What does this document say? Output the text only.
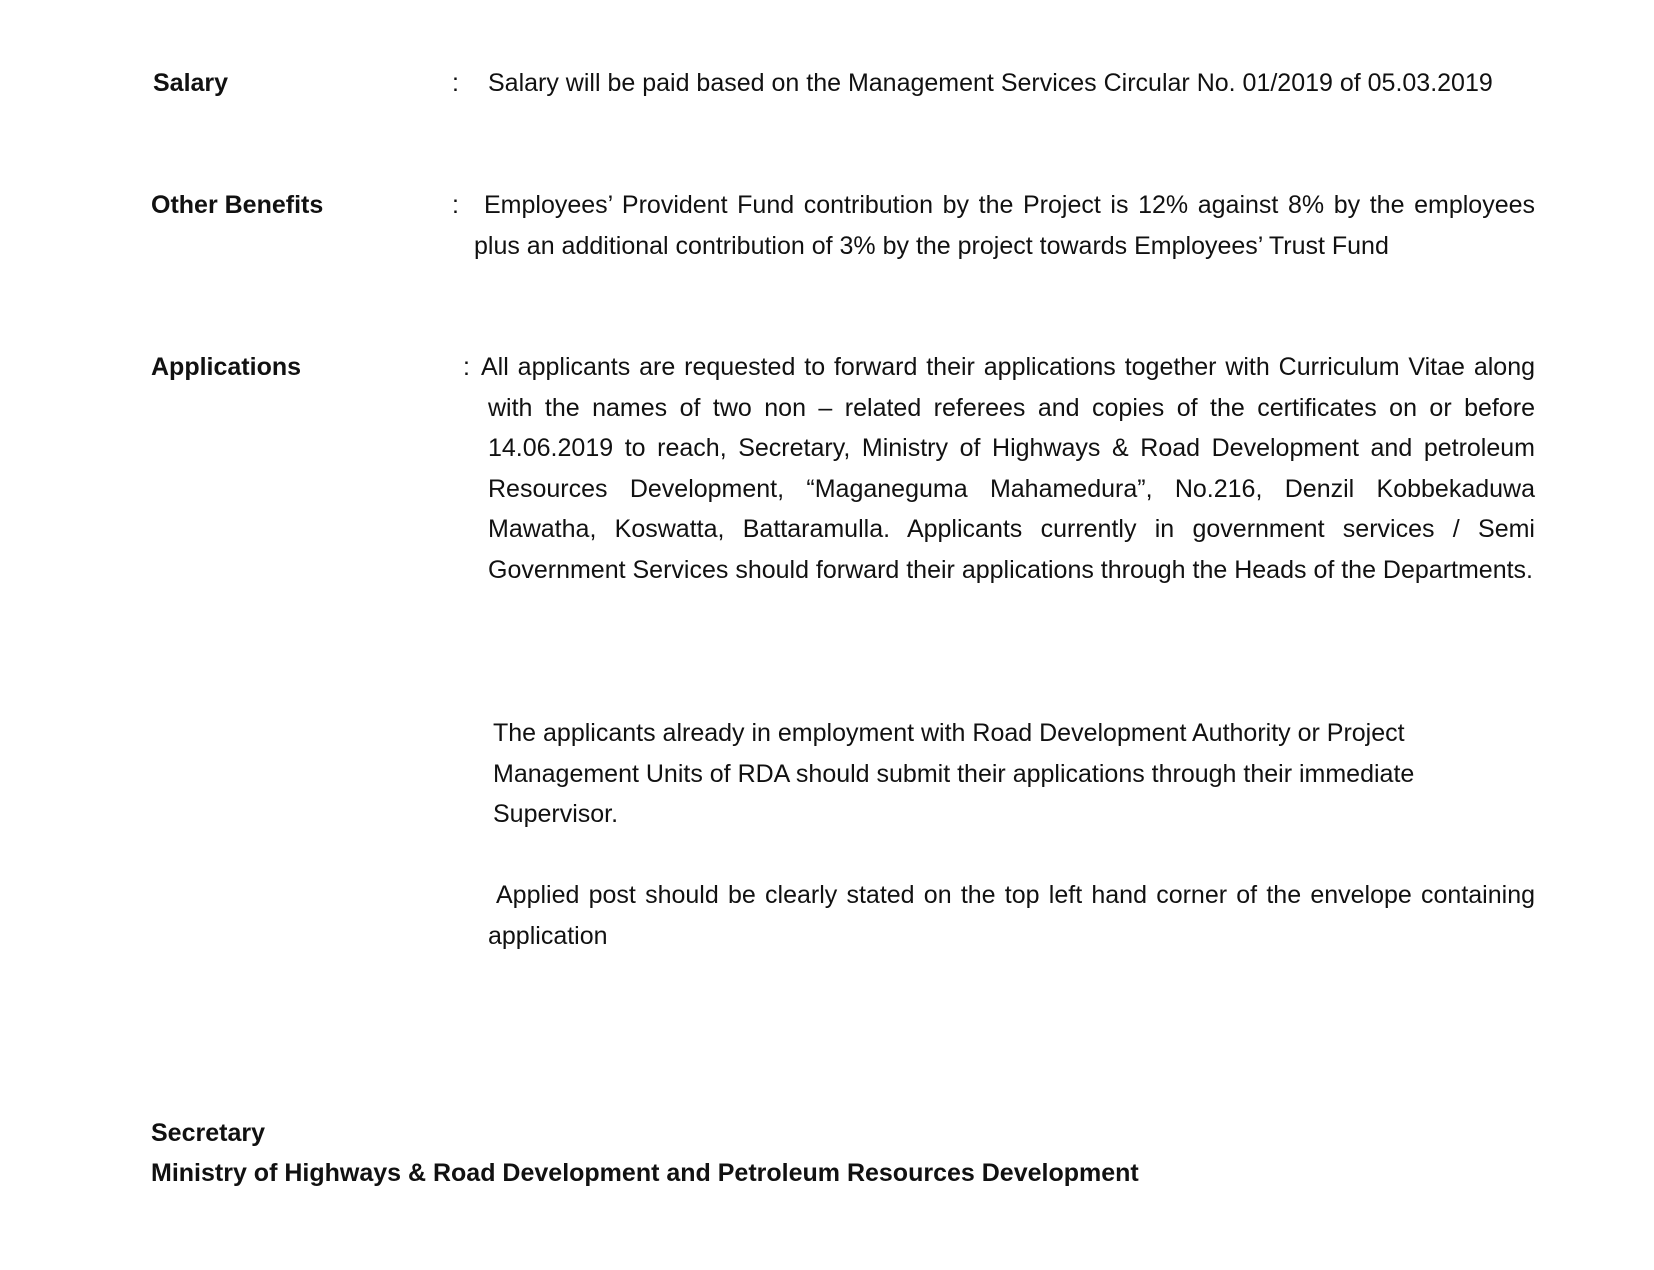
Salary	: Salary will be paid based on the Management Services Circular No. 01/2019 of 05.03.2019
Other Benefits	:	Employees’ Provident Fund contribution by the Project is 12% against 8% by the employees plus an additional contribution of 3% by the project towards Employees’ Trust Fund
Applications	: All applicants are requested to forward their applications together with Curriculum Vitae along with the names of two non – related referees and copies of the certificates on or before 14.06.2019 to reach, Secretary, Ministry of Highways & Road Development and petroleum Resources Development, “Maganeguma Mahamedura”, No.216, Denzil Kobbekaduwa Mawatha, Koswatta, Battaramulla. Applicants currently in government services / Semi Government Services should forward their applications through the Heads of the Departments.
The applicants already in employment with Road Development Authority or Project Management Units of RDA should submit their applications through their immediate Supervisor.
Applied post should be clearly stated on the top left hand corner of the envelope containing application
Secretary
Ministry of Highways & Road Development and Petroleum Resources Development
